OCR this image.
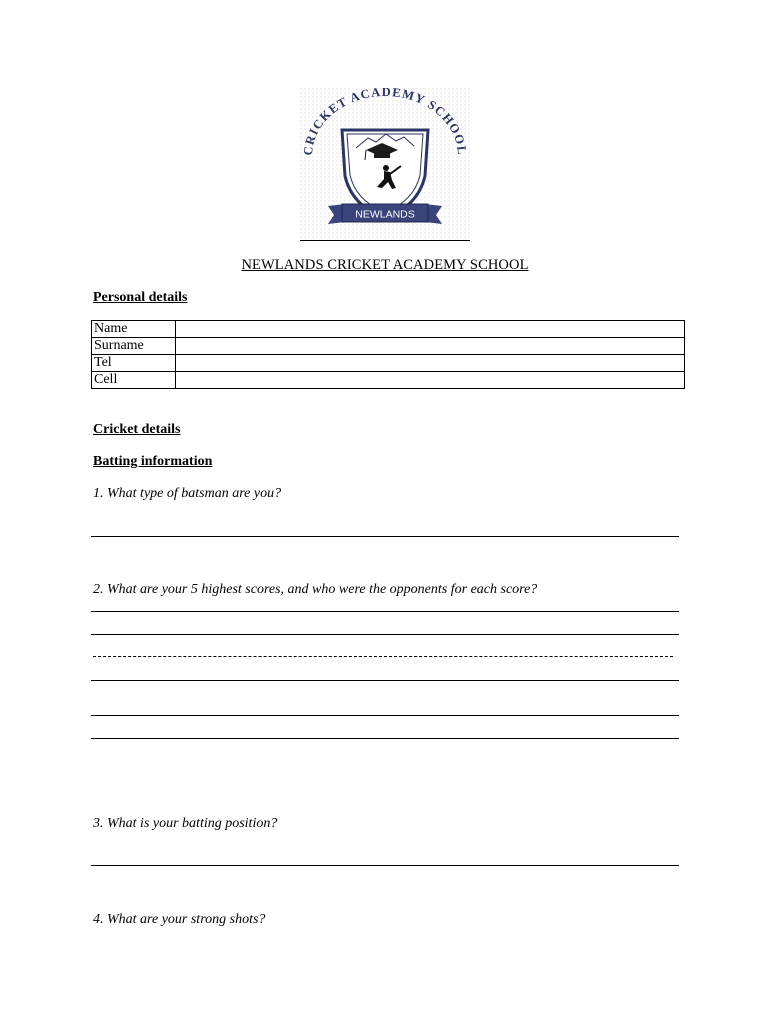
CRICKET ACADEMY SCHOOL
NEWLANDS
NEWLANDS CRICKET ACADEMY SCHOOL
Personal details
Name	
Surname	
Tel	
Cell	
Cricket details
Batting information
1. What type of batsman are you?
2. What are your 5 highest scores, and who were the opponents for each score?
3. What is your batting position?
4. What are your strong shots?
